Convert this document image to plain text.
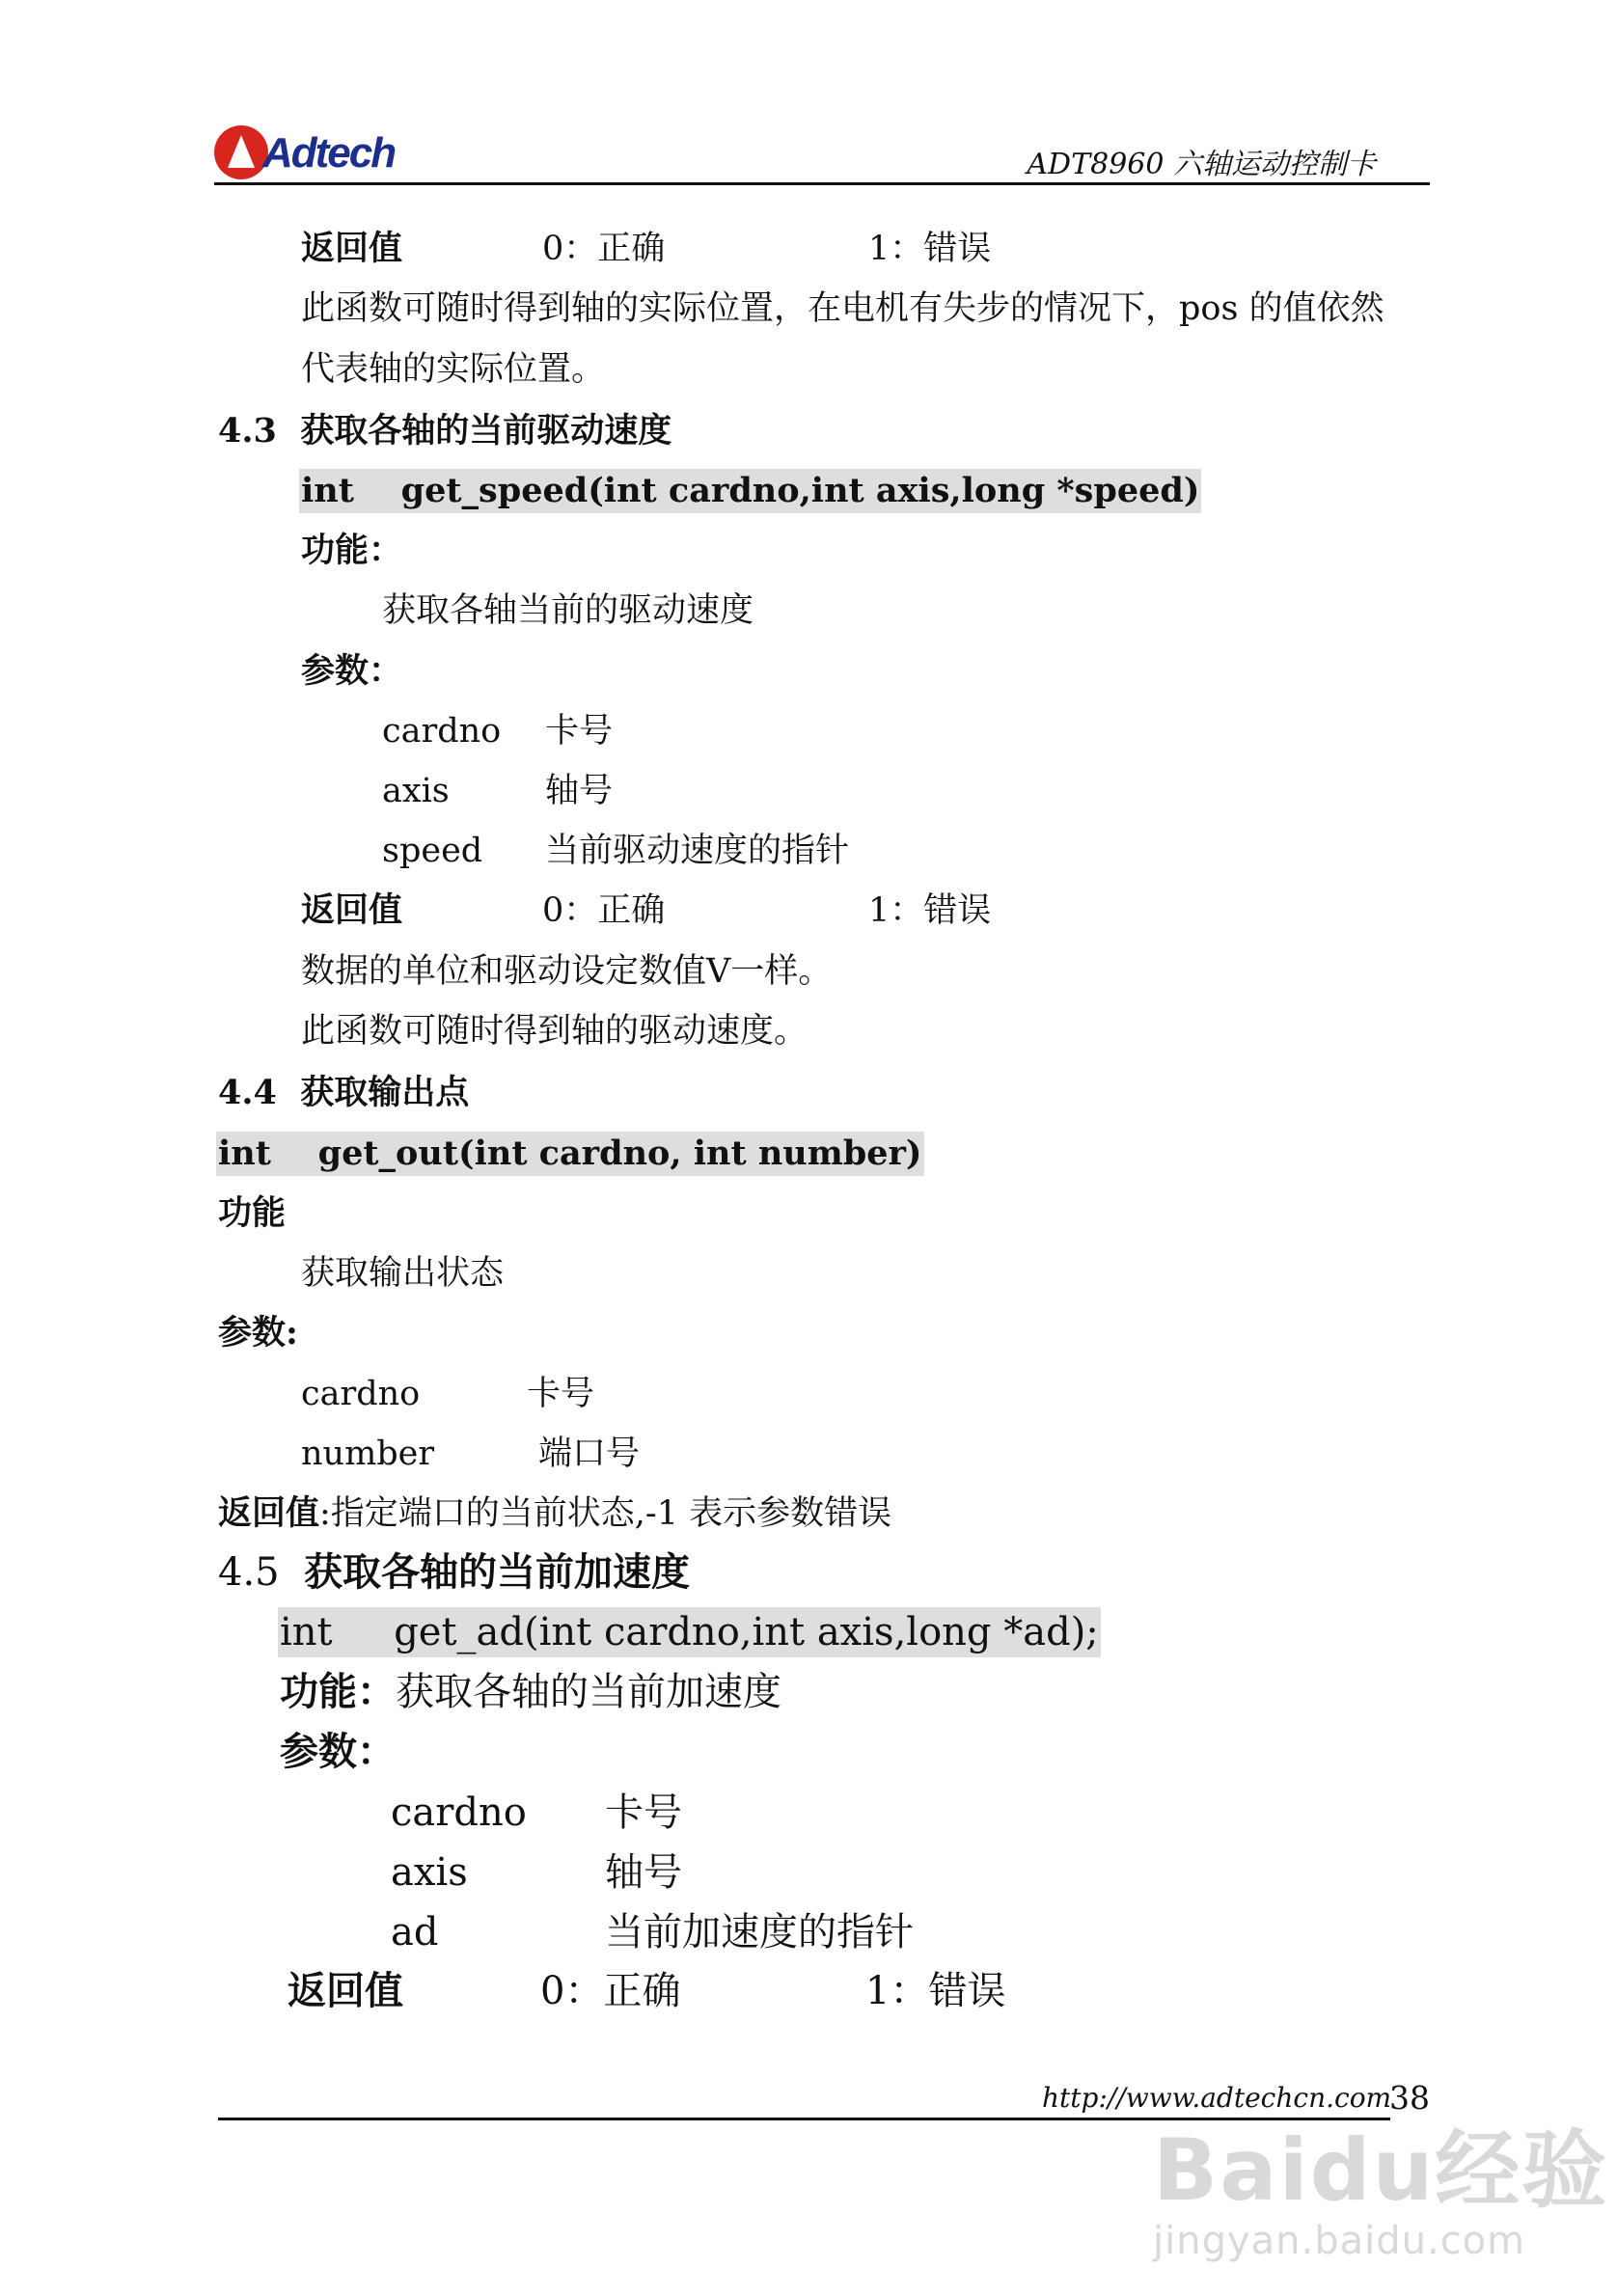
Adtech	ADT8960 六轴运动控制卡
返回值	0：正确	1：错误
此函数可随时得到轴的实际位置，在电机有失步的情况下，pos 的值依然
代表轴的实际位置。
4.3 获取各轴的当前驱动速度
int    get_speed(int cardno,int axis,long *speed)
功能：
获取各轴当前的驱动速度
参数：
cardno 卡号
axis	轴号
speed 当前驱动速度的指针
返回值	0：正确	1：错误
数据的单位和驱动设定数值V一样。
此函数可随时得到轴的驱动速度。
4.4 获取输出点
int    get_out(int cardno, int number)
功能
获取输出状态
参数:
cardno	卡号
number	端口号
返回值:指定端口的当前状态,-1 表示参数错误
4.5 获取各轴的当前加速度
int     get_ad(int cardno,int axis,long *ad);
功能：获取各轴的当前加速度
参数：
cardno 卡号
axis	轴号
ad	当前加速度的指针
返回值	0：正确	1：错误
http://www.adtechcn.com
38
Baidu经验
jingyan.baidu.com
